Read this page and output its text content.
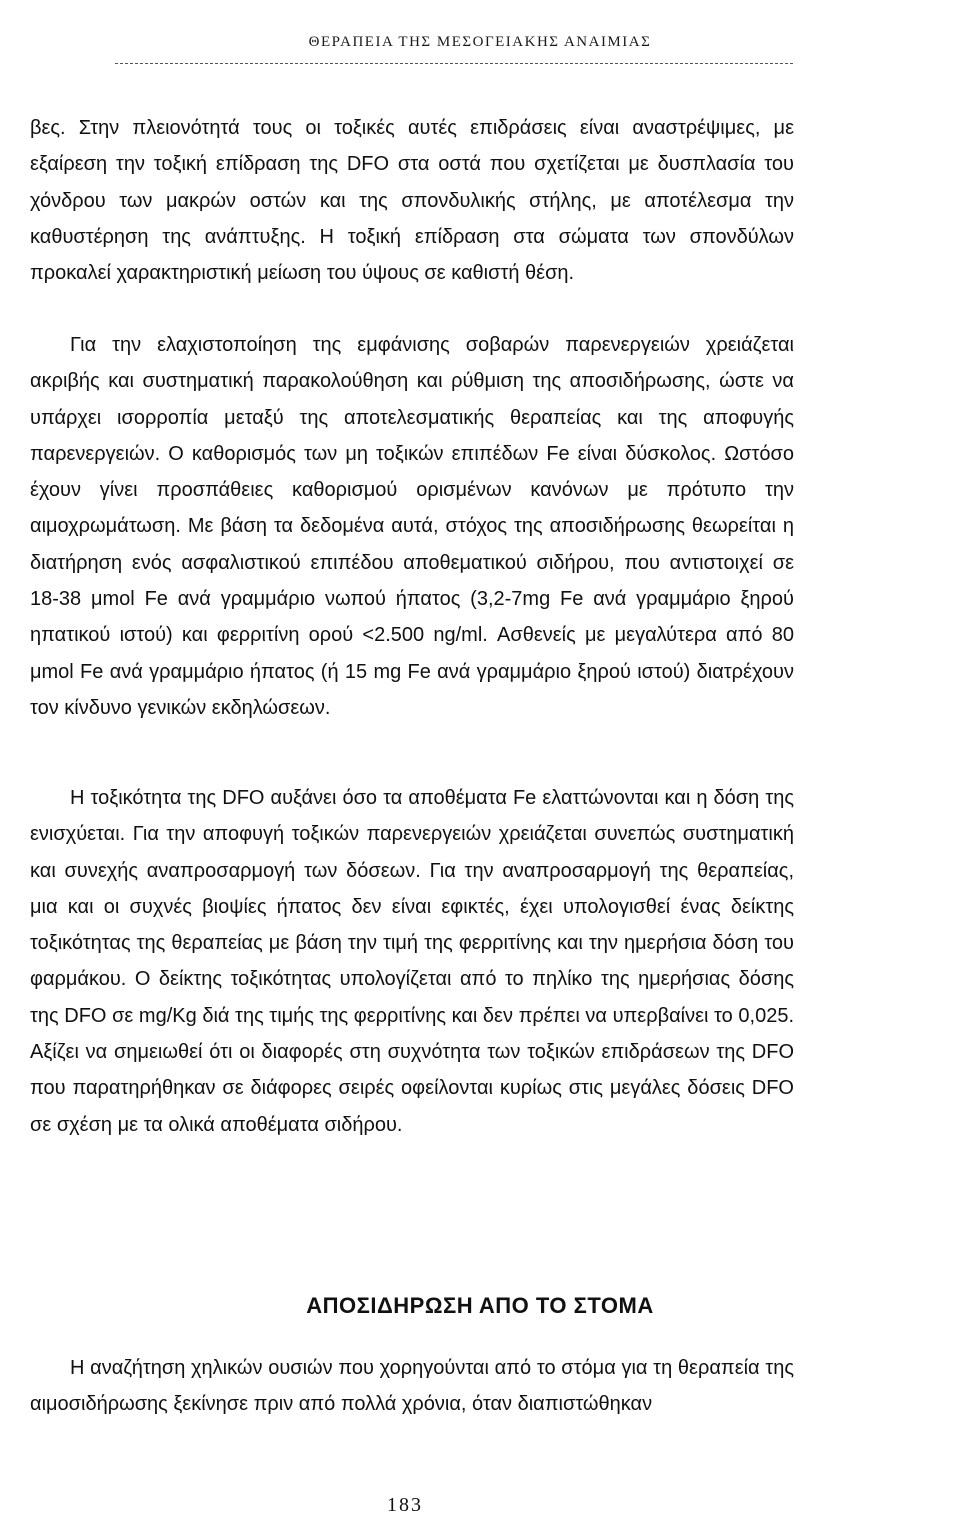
ΘΕΡΑΠΕΙΑ ΤΗΣ ΜΕΣΟΓΕΙΑΚΗΣ ΑΝΑΙΜΙΑΣ

βες. Στην πλειονότητά τους οι τοξικές αυτές επιδράσεις είναι αναστρέψιμες, με εξαίρεση την τοξική επίδραση της DFO στα οστά που σχετίζεται με δυσπλασία του χόνδρου των μακρών οστών και της σπονδυλικής στήλης, με αποτέλεσμα την καθυστέρηση της ανάπτυξης. Η τοξική επίδραση στα σώματα των σπονδύλων προκαλεί χαρακτηριστική μείωση του ύψους σε καθιστή θέση.

Για την ελαχιστοποίηση της εμφάνισης σοβαρών παρενεργειών χρειάζεται ακριβής και συστηματική παρακολούθηση και ρύθμιση της αποσιδήρωσης, ώστε να υπάρχει ισορροπία μεταξύ της αποτελεσματικής θεραπείας και της αποφυγής παρενεργειών. Ο καθορισμός των μη τοξικών επιπέδων Fe είναι δύσκολος. Ωστόσο έχουν γίνει προσπάθειες καθορισμού ορισμένων κανόνων με πρότυπο την αιμοχρωμάτωση. Με βάση τα δεδομένα αυτά, στόχος της αποσιδήρωσης θεωρείται η διατήρηση ενός ασφαλιστικού επιπέδου αποθεματικού σιδήρου, που αντιστοιχεί σε 18-38 μmol Fe ανά γραμμάριο νωπού ήπατος (3,2-7mg Fe ανά γραμμάριο ξηρού ηπατικού ιστού) και φερριτίνη ορού <2.500 ng/ml. Ασθενείς με μεγαλύτερα από 80 μmol Fe ανά γραμμάριο ήπατος (ή 15 mg Fe ανά γραμμάριο ξηρού ιστού) διατρέχουν τον κίνδυνο γενικών εκδηλώσεων.

Η τοξικότητα της DFO αυξάνει όσο τα αποθέματα Fe ελαττώνονται και η δόση της ενισχύεται. Για την αποφυγή τοξικών παρενεργειών χρειάζεται συνεπώς συστηματική και συνεχής αναπροσαρμογή των δόσεων. Για την αναπροσαρμογή της θεραπείας, μια και οι συχνές βιοψίες ήπατος δεν είναι εφικτές, έχει υπολογισθεί ένας δείκτης τοξικότητας της θεραπείας με βάση την τιμή της φερριτίνης και την ημερήσια δόση του φαρμάκου. Ο δείκτης τοξικότητας υπολογίζεται από το πηλίκο της ημερήσιας δόσης της DFO σε mg/Kg διά της τιμής της φερριτίνης και δεν πρέπει να υπερβαίνει το 0,025. Αξίζει να σημειωθεί ότι οι διαφορές στη συχνότητα των τοξικών επιδράσεων της DFO που παρατηρήθηκαν σε διάφορες σειρές οφείλονται κυρίως στις μεγάλες δόσεις DFO σε σχέση με τα ολικά αποθέματα σιδήρου.

ΑΠΟΣΙΔΗΡΩΣΗ ΑΠΟ ΤΟ ΣΤΟΜΑ

Η αναζήτηση χηλικών ουσιών που χορηγούνται από το στόμα για τη θεραπεία της αιμοσιδήρωσης ξεκίνησε πριν από πολλά χρόνια, όταν διαπιστώθηκαν

183
